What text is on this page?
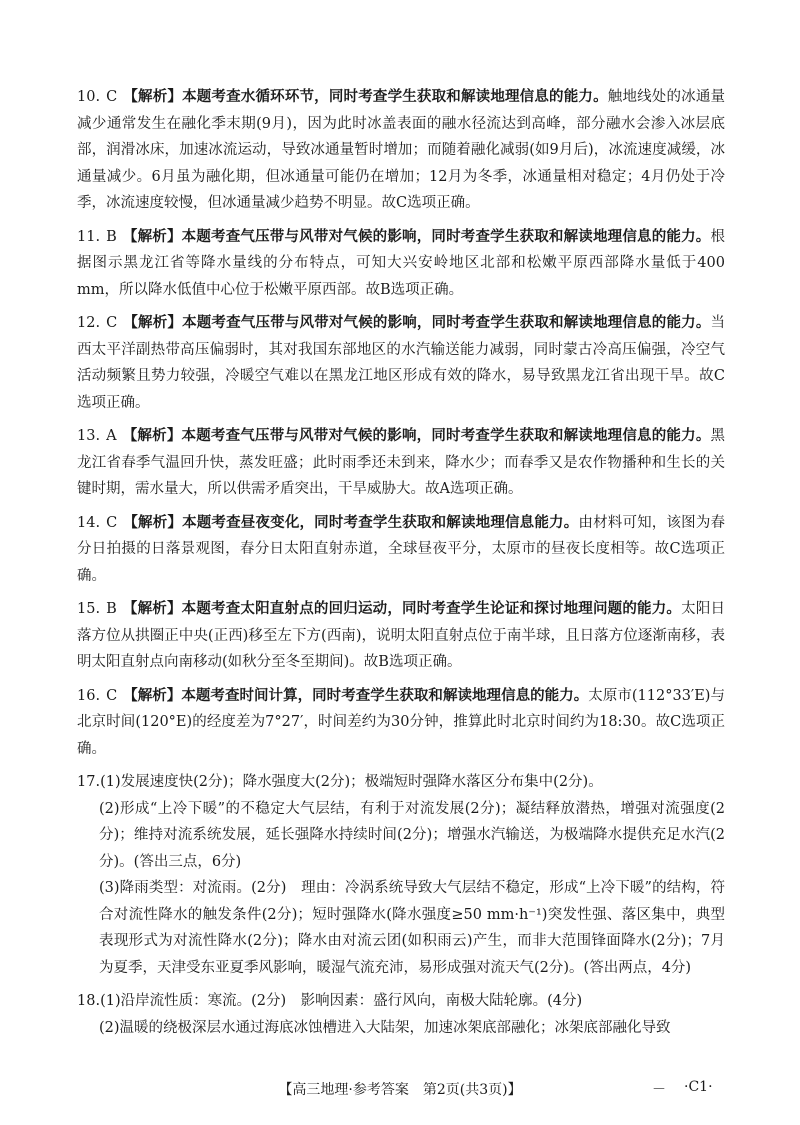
10. C 【解析】本题考查水循环环节，同时考查学生获取和解读地理信息的能力。触地线处的冰通量减少通常发生在融化季末期(9月)，因为此时冰盖表面的融水径流达到高峰，部分融水会渗入冰层底部，润滑冰床，加速冰流运动，导致冰通量暂时增加；而随着融化减弱(如9月后)，冰流速度减缓，冰通量减少。6月虽为融化期，但冰通量可能仍在增加；12月为冬季，冰通量相对稳定；4月仍处于冷季，冰流速度较慢，但冰通量减少趋势不明显。故C选项正确。
11. B 【解析】本题考查气压带与风带对气候的影响，同时考查学生获取和解读地理信息的能力。根据图示黑龙江省等降水量线的分布特点，可知大兴安岭地区北部和松嫩平原西部降水量低于400 mm，所以降水低值中心位于松嫩平原西部。故B选项正确。
12. C 【解析】本题考查气压带与风带对气候的影响，同时考查学生获取和解读地理信息的能力。当西太平洋副热带高压偏弱时，其对我国东部地区的水汽输送能力减弱，同时蒙古冷高压偏强，冷空气活动频繁且势力较强，冷暖空气难以在黑龙江地区形成有效的降水，易导致黑龙江省出现干旱。故C选项正确。
13. A 【解析】本题考查气压带与风带对气候的影响，同时考查学生获取和解读地理信息的能力。黑龙江省春季气温回升快，蒸发旺盛；此时雨季还未到来，降水少；而春季又是农作物播种和生长的关键时期，需水量大，所以供需矛盾突出，干旱威胁大。故A选项正确。
14. C 【解析】本题考查昼夜变化，同时考查学生获取和解读地理信息能力。由材料可知，该图为春分日拍摄的日落景观图，春分日太阳直射赤道，全球昼夜平分，太原市的昼夜长度相等。故C选项正确。
15. B 【解析】本题考查太阳直射点的回归运动，同时考查学生论证和探讨地理问题的能力。太阳日落方位从拱圈正中央(正西)移至左下方(西南)，说明太阳直射点位于南半球，且日落方位逐渐南移，表明太阳直射点向南移动(如秋分至冬至期间)。故B选项正确。
16. C 【解析】本题考查时间计算，同时考查学生获取和解读地理信息的能力。太原市(112°33′E)与北京时间(120°E)的经度差为7°27′，时间差约为30分钟，推算此时北京时间约为18:30。故C选项正确。

17.(1)发展速度快(2分)；降水强度大(2分)；极端短时强降水落区分布集中(2分)。

(2)形成“上冷下暖”的不稳定大气层结，有利于对流发展(2分)；凝结释放潜热，增强对流强度(2分)；维持对流系统发展，延长强降水持续时间(2分)；增强水汽输送，为极端降水提供充足水汽(2分)。(答出三点，6分)

(3)降雨类型：对流雨。(2分)　理由：冷涡系统导致大气层结不稳定，形成“上冷下暖”的结构，符合对流性降水的触发条件(2分)；短时强降水(降水强度≥50 mm·h⁻¹)突发性强、落区集中，典型表现形式为对流性降水(2分)；降水由对流云团(如积雨云)产生，而非大范围锋面降水(2分)；7月为夏季，天津受东亚夏季风影响，暖湿气流充沛，易形成强对流天气(2分)。(答出两点，4分)

18.(1)沿岸流性质：寒流。(2分)　影响因素：盛行风向，南极大陆轮廓。(4分)

(2)温暖的绕极深层水通过海底冰蚀槽进入大陆架，加速冰架底部融化；冰架底部融化导致

【高三地理·参考答案　第2页(共3页)】	－ ·C1·
